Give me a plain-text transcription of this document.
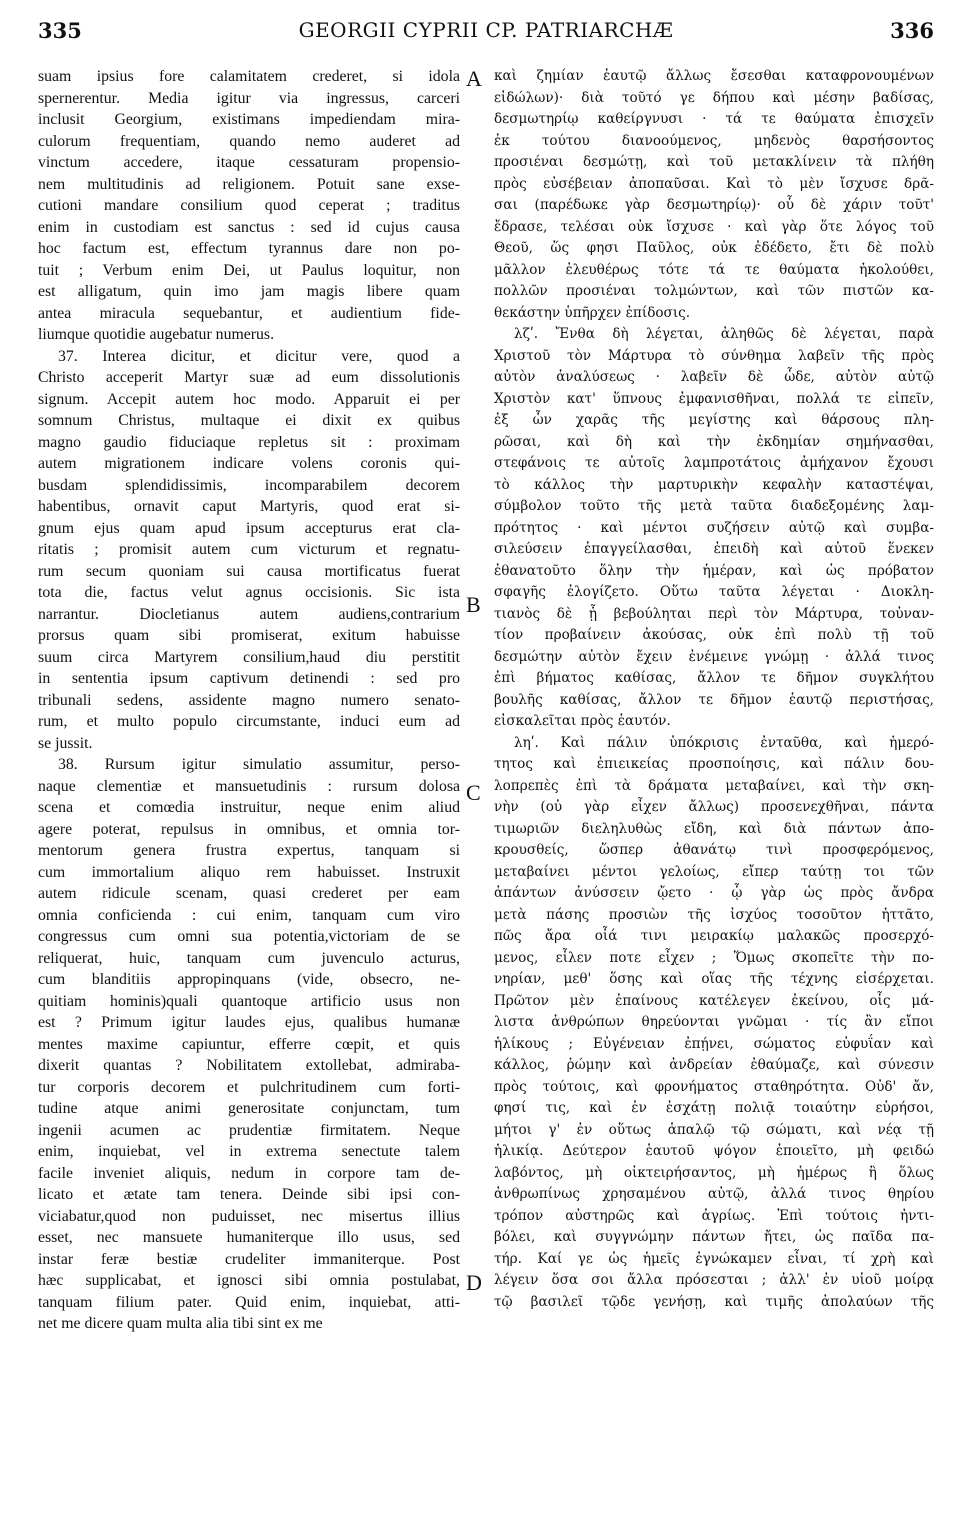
335	GEORGII CYPRII CP. PATRIARCHÆ	336
suam ipsius fore calamitatem crederet, si idola
spernerentur. Media igitur via ingressus, carceri
inclusit Georgium, existimans impediendam mira-
culorum frequentiam, quando nemo auderet ad
vinctum accedere, itaque cessaturam propensio-
nem multitudinis ad religionem. Potuit sane exse-
cutioni mandare consilium quod ceperat ; traditus
enim in custodiam est sanctus : sed id cujus causa
hoc factum est, effectum tyrannus dare non po-
tuit ; Verbum enim Dei, ut Paulus loquitur, non
est alligatum, quin imo jam magis libere quam
antea miracula sequebantur, et audientium fide-
liumque quotidie augebatur numerus.
37. Interea dicitur, et dicitur vere, quod a
Christo acceperit Martyr suæ ad eum dissolutionis
signum. Accepit autem hoc modo. Apparuit ei per
somnum Christus, multaque ei dixit ex quibus
magno gaudio fiduciaque repletus sit : proximam
autem migrationem indicare volens coronis qui-
busdam splendidissimis, incomparabilem decorem
habentibus, ornavit caput Martyris, quod erat si-
gnum ejus quam apud ipsum accepturus erat cla-
ritatis ; promisit autem cum victurum et regnatu-
rum secum quoniam sui causa mortificatus fuerat
tota die, factus velut agnus occisionis. Sic ista
narrantur. Diocletianus autem audiens,contrarium
prorsus quam sibi promiserat, exitum habuisse
suum circa Martyrem consilium,haud diu perstitit
in sententia ipsum captivum detinendi : sed pro
tribunali sedens, assidente magno numero senato-
rum, et multo populo circumstante, induci eum ad
se jussit.
38. Rursum igitur simulatio assumitur, perso-
naque clementiæ et mansuetudinis : rursum dolosa
scena et comœdia instruitur, neque enim aliud
agere poterat, repulsus in omnibus, et omnia tor-
mentorum genera frustra expertus, tanquam si
cum immortalium aliquo rem habuisset. Instruxit
autem ridicule scenam, quasi crederet per eam
omnia conficienda : cui enim, tanquam cum viro
congressus cum omni sua potentia,victoriam de se
reliquerat, huic, tanquam cum juvenculo acturus,
cum blanditiis appropinquans (vide, obsecro, ne-
quitiam hominis)quali quantoque artificio usus non
est ? Primum igitur laudes ejus, qualibus humanæ
mentes maxime capiuntur, efferre cœpit, et quis
dixerit quantas ? Nobilitatem extollebat, admiraba-
tur corporis decorem et pulchritudinem cum forti-
tudine atque animi generositate conjunctam, tum
ingenii acumen ac prudentiæ firmitatem. Neque
enim, inquiebat, vel in extrema senectute talem
facile inveniet aliquis, nedum in corpore tam de-
licato et ætate tam tenera. Deinde sibi ipsi con-
viciabatur,quod non puduisset, nec misertus illius
esset, nec mansuete humaniterque illo usus, sed
instar feræ bestiæ crudeliter immaniterque. Post
hæc supplicabat, et ignosci sibi omnia postulabat,
tanquam filium pater. Quid enim, inquiebat, atti-
net me dicere quam multa alia tibi sint ex me
καὶ ζημίαν ἑαυτῷ ἄλλως ἔσεσθαι καταφρονουμένων
εἰδώλων)· διὰ τοῦτό γε δήπου καὶ μέσην βαδίσας,
δεσμωτηρίῳ καθείργνυσι · τά τε θαύματα ἐπισχεῖν
ἐκ τούτου διανοούμενος, μηδενὸς θαρσήσοντος
προσιέναι δεσμώτῃ, καὶ τοῦ μετακλίνειν τὰ πλήθη
πρὸς εὐσέβειαν ἀποπαῦσαι. Καὶ τὸ μὲν ἴσχυσε δρᾶ-
σαι (παρέδωκε γὰρ δεσμωτηρίῳ)· οὗ δὲ χάριν τοῦτ'
ἔδρασε, τελέσαι οὐκ ἴσχυσε · καὶ γὰρ ὅτε λόγος τοῦ
Θεοῦ, ὥς φησι Παῦλος, οὐκ ἐδέδετο, ἔτι δὲ πολὺ
μᾶλλον ἐλευθέρως τότε τά τε θαύματα ἠκολούθει,
πολλῶν προσιέναι τολμώντων, καὶ τῶν πιστῶν κα-
θεκάστην ὑπῆρχεν ἐπίδοσις.
λζʹ. Ἔνθα δὴ λέγεται, ἀληθῶς δὲ λέγεται, παρὰ
Χριστοῦ τὸν Μάρτυρα τὸ σύνθημα λαβεῖν τῆς πρὸς
αὐτὸν ἀναλύσεως · λαβεῖν δὲ ὧδε, αὐτὸν αὐτῷ
Χριστὸν κατ' ὕπνους ἐμφανισθῆναι, πολλά τε εἰπεῖν,
ἐξ ὧν χαρᾶς τῆς μεγίστης καὶ θάρσους πλη-
ρῶσαι, καὶ δὴ καὶ τὴν ἐκδημίαν σημήνασθαι,
στεφάνοις τε αὐτοῖς λαμπροτάτοις ἀμήχανον ἔχουσι
τὸ κάλλος τὴν μαρτυρικὴν κεφαλὴν καταστέψαι,
σύμβολον τοῦτο τῆς μετὰ ταῦτα διαδεξομένης λαμ-
πρότητος · καὶ μέντοι συζήσειν αὐτῷ καὶ συμβα-
σιλεύσειν ἐπαγγείλασθαι, ἐπειδὴ καὶ αὐτοῦ ἕνεκεν
ἐθανατοῦτο ὅλην τὴν ἡμέραν, καὶ ὡς πρόβατον
σφαγῆς ἐλογίζετο. Οὕτω ταῦτα λέγεται · Διοκλη-
τιανὸς δὲ ᾗ βεβούληται περὶ τὸν Μάρτυρα, τοὐναν-
τίον προβαίνειν ἀκούσας, οὐκ ἐπὶ πολὺ τῇ τοῦ
δεσμώτην αὐτὸν ἔχειν ἐνέμεινε γνώμῃ · ἀλλά τινος
ἐπὶ βήματος καθίσας, ἄλλον τε δῆμον συγκλήτου
βουλῆς καθίσας, ἄλλον τε δῆμον ἑαυτῷ περιστήσας,
εἰσκαλεῖται πρὸς ἑαυτόν.
ληʹ. Καὶ πάλιν ὑπόκρισις ἐνταῦθα, καὶ ἡμερό-
τητος καὶ ἐπιεικείας προσποίησις, καὶ πάλιν δου-
λοπρεπὲς ἐπὶ τὰ δράματα μεταβαίνει, καὶ τὴν σκη-
νὴν (οὐ γὰρ εἶχεν ἄλλως) προσενεχθῆναι, πάντα
τιμωριῶν διεληλυθὼς εἴδη, καὶ διὰ πάντων ἀπο-
κρουσθείς, ὥσπερ ἀθανάτῳ τινὶ προσφερόμενος,
μεταβαίνει μέντοι γελοίως, εἴπερ ταύτῃ τοι τῶν
ἁπάντων ἀνύσσειν ᾤετο · ᾧ γὰρ ὡς πρὸς ἄνδρα
μετὰ πάσης προσιὼν τῆς ἰσχύος τοσοῦτον ἡττᾶτο,
πῶς ἄρα οἷά τινι μειρακίῳ μαλακῶς προσερχό-
μενος, εἷλεν ποτε εἶχεν ; Ὅμως σκοπεῖτε τὴν πο-
νηρίαν, μεθ' ὅσης καὶ οἵας τῆς τέχνης εἰσέρχεται.
Πρῶτον μὲν ἐπαίνους κατέλεγεν ἐκείνου, οἷς μά-
λιστα ἀνθρώπων θηρεύονται γνῶμαι · τίς ἂν εἴποι
ἡλίκους ; Εὐγένειαν ἐπῄνει, σώματος εὐφυΐαν καὶ
κάλλος, ῥώμην καὶ ἀνδρείαν ἐθαύμαζε, καὶ σύνεσιν
πρὸς τούτοις, καὶ φρονήματος σταθηρότητα. Οὐδ' ἄν,
φησί τις, καὶ ἐν ἐσχάτῃ πολιᾷ τοιαύτην εὑρήσοι,
μήτοι γ' ἐν οὕτως ἁπαλῷ τῷ σώματι, καὶ νέᾳ τῇ
ἡλικίᾳ. Δεύτερον ἑαυτοῦ ψόγον ἐποιεῖτο, μὴ φειδώ
λαβόντος, μὴ οἰκτειρήσαντος, μὴ ἡμέρως ἢ ὅλως
ἀνθρωπίνως χρησαμένου αὐτῷ, ἀλλά τινος θηρίου
τρόπον αὐστηρῶς καὶ ἀγρίως. Ἐπὶ τούτοις ἠντι-
βόλει, καὶ συγγνώμην πάντων ἤτει, ὡς παῖδα πα-
τήρ. Καί γε ὡς ἡμεῖς ἐγνώκαμεν εἶναι, τί χρὴ καὶ
λέγειν ὅσα σοι ἄλλα πρόσεσται ; ἀλλ' ἐν υἱοῦ μοίρᾳ
τῷ βασιλεῖ τῷδε γενήσῃ, καὶ τιμῆς ἀπολαύων τῆς
A
B
C
D
